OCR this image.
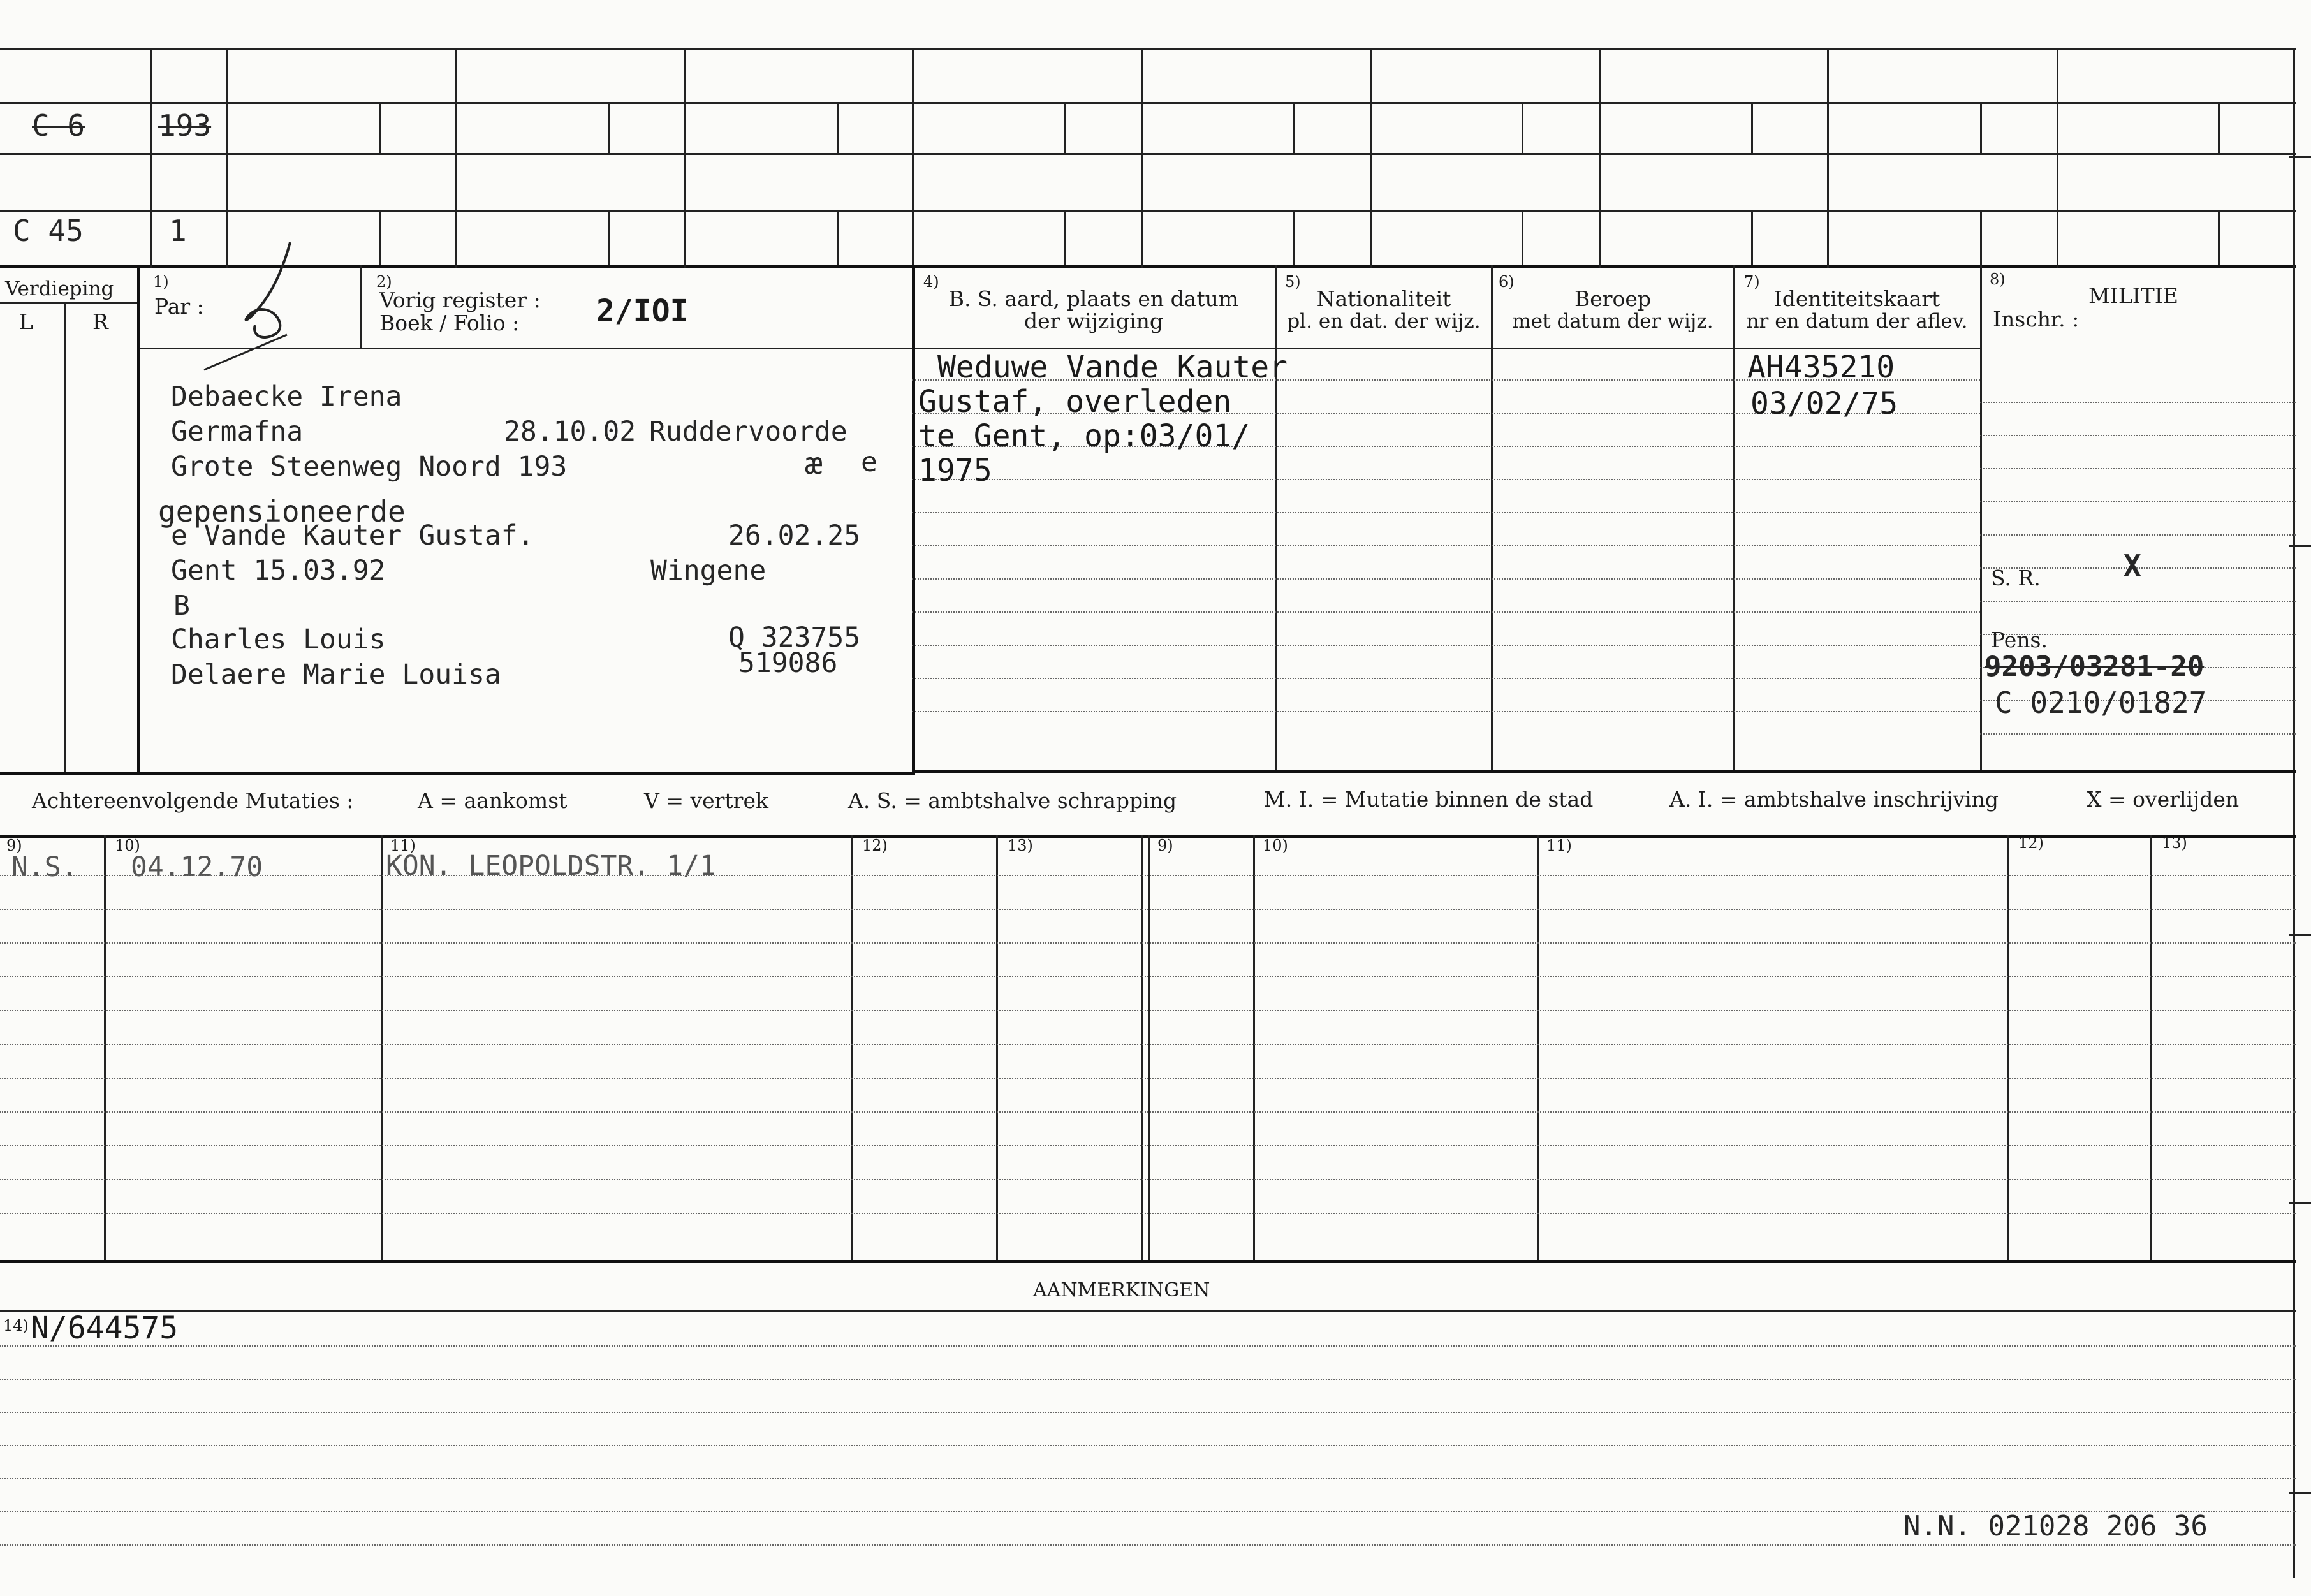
C 6 193
C 45	1
Verdieping
L	R
1)
Par :
2)
Vorig register :
Boek / Folio :	2/IOI
4)
B. S. aard, plaats en datum
der wijziging
5)
Nationaliteit
pl. en dat. der wijz.
6)
Beroep
met datum der wijz.
7)
Identiteitskaart
nr en datum der aflev.
8)
MILITIE
Inschr. :
Debaecke Irena
Germafna	28.10.02 Ruddervoorde
Grote Steenweg Noord 193	æ e
gepensioneerde
e Vande Kauter Gustaf.	26.02.25
Gent 15.03.92	Wingene
B
Charles Louis	Q 323755
Delaere Marie Louisa	519086
Weduwe Vande Kauter
Gustaf, overleden
te Gent, op:03/01/
1975
AH435210
03/02/75
S. R.	X
Pens.
9203/03281-20
C 0210/01827
Achtereenvolgende Mutaties :	A = aankomst	V = vertrek	A. S. = ambtshalve schrapping	M. I. = Mutatie binnen de stad	A. I. = ambtshalve inschrijving	X = overlijden
9)	10)	11)	12)	13)	9)	10)	11)	12)	13)
N.S. 04.12.70	KON. LEOPOLDSTR. 1/1
AANMERKINGEN
14) N/644575
N.N. 021028 206 36
